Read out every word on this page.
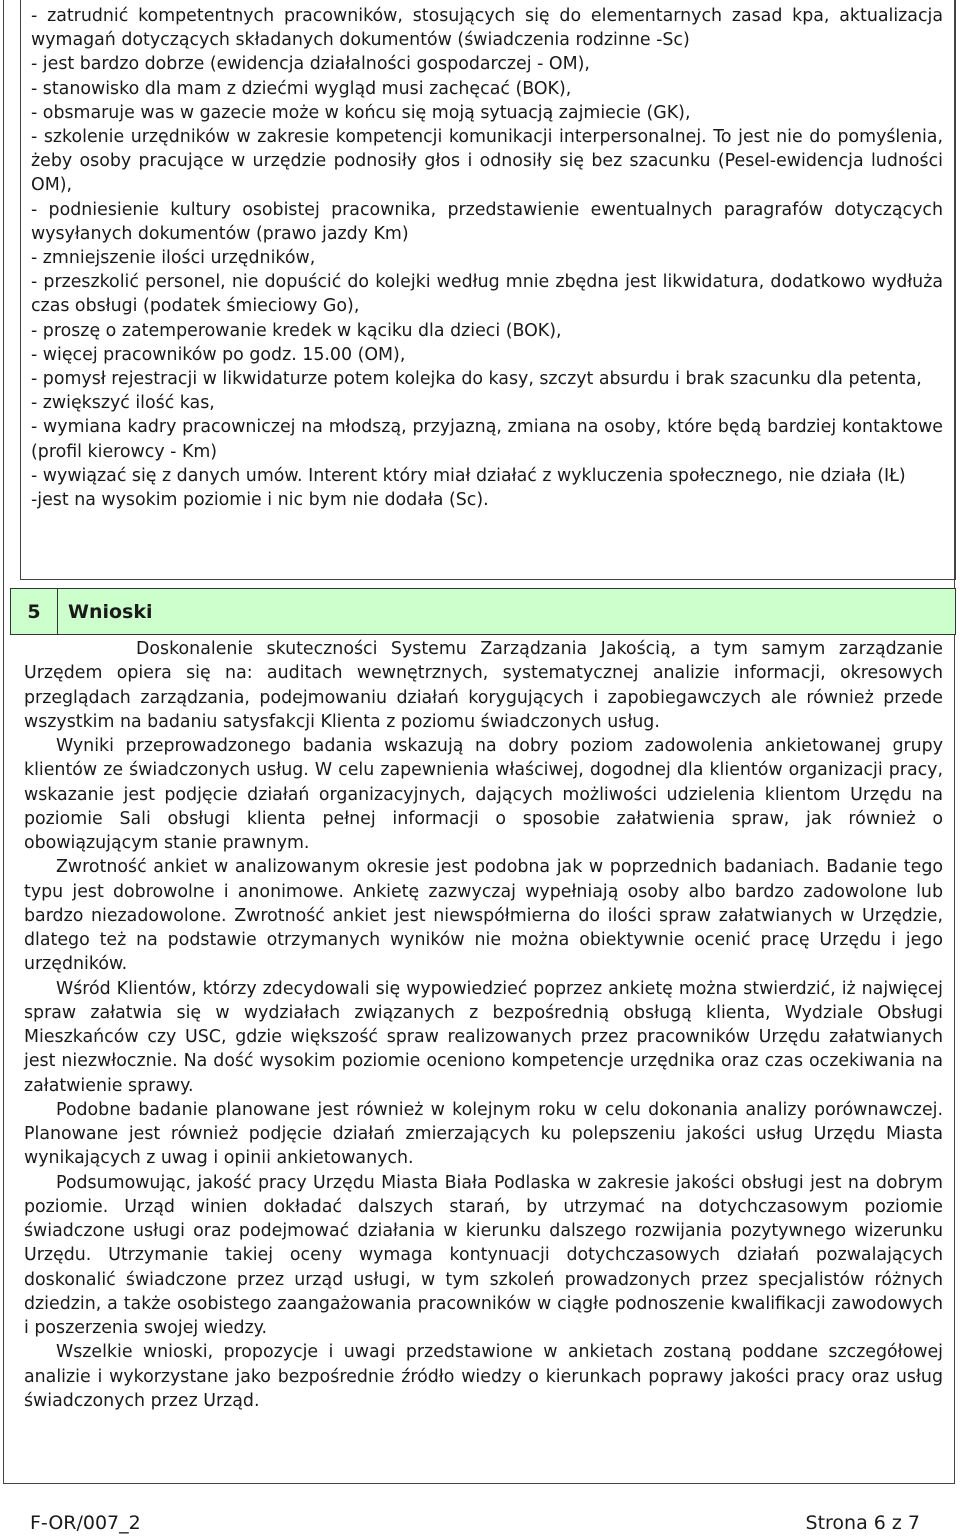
- zatrudnić kompetentnych pracowników, stosujących się do elementarnych zasad kpa, aktualizacja wymagań dotyczących składanych dokumentów (świadczenia rodzinne -Sc)

- jest bardzo dobrze (ewidencja działalności gospodarczej - OM),

- stanowisko dla mam z dziećmi wygląd musi zachęcać (BOK),

- obsmaruje was w gazecie może w końcu się moją sytuacją zajmiecie (GK),

- szkolenie urzędników w zakresie kompetencji komunikacji interpersonalnej. To jest nie do pomyślenia, żeby osoby pracujące w urzędzie podnosiły głos i odnosiły się bez szacunku (Pesel-ewidencja ludności OM),

- podniesienie kultury osobistej pracownika, przedstawienie ewentualnych paragrafów dotyczących wysyłanych dokumentów (prawo jazdy Km)

- zmniejszenie ilości urzędników,

- przeszkolić personel, nie dopuścić do kolejki według mnie zbędna jest likwidatura, dodatkowo wydłuża czas obsługi (podatek śmieciowy Go),

- proszę o zatemperowanie kredek w kąciku dla dzieci (BOK),

- więcej pracowników po godz. 15.00 (OM),

- pomysł rejestracji w likwidaturze potem kolejka do kasy, szczyt absurdu i brak szacunku dla petenta,

- zwiększyć ilość kas,

- wymiana kadry pracowniczej na młodszą, przyjazną, zmiana na osoby, które będą bardziej kontaktowe (profil kierowcy - Km)

- wywiązać się z danych umów. Interent który miał działać z wykluczenia społecznego, nie działa (IŁ)

-jest na wysokim poziomie i nic bym nie dodała (Sc).

5	Wnioski

Doskonalenie skuteczności Systemu Zarządzania Jakością, a tym samym zarządzanie Urzędem opiera się na: auditach wewnętrznych, systematycznej analizie informacji, okresowych przeglądach zarządzania, podejmowaniu działań korygujących i zapobiegawczych ale również przede wszystkim na badaniu satysfakcji Klienta z poziomu świadczonych usług.

Wyniki przeprowadzonego badania wskazują na dobry poziom zadowolenia ankietowanej grupy klientów ze świadczonych usług. W celu zapewnienia właściwej, dogodnej dla klientów organizacji pracy, wskazanie jest podjęcie działań organizacyjnych, dających możliwości udzielenia klientom Urzędu na poziomie Sali obsługi klienta pełnej informacji o sposobie załatwienia spraw, jak również o obowiązującym stanie prawnym.

Zwrotność ankiet w analizowanym okresie jest podobna jak w poprzednich badaniach. Badanie tego typu jest dobrowolne i anonimowe. Ankietę zazwyczaj wypełniają osoby albo bardzo zadowolone lub bardzo niezadowolone. Zwrotność ankiet jest niewspółmierna do ilości spraw załatwianych w Urzędzie, dlatego też na podstawie otrzymanych wyników nie można obiektywnie ocenić pracę Urzędu i jego urzędników.

Wśród Klientów, którzy zdecydowali się wypowiedzieć poprzez ankietę można stwierdzić, iż najwięcej spraw załatwia się w wydziałach związanych z bezpośrednią obsługą klienta, Wydziale Obsługi Mieszkańców czy USC, gdzie większość spraw realizowanych przez pracowników Urzędu załatwianych jest niezwłocznie. Na dość wysokim poziomie oceniono kompetencje urzędnika oraz czas oczekiwania na załatwienie sprawy.

Podobne badanie planowane jest również w kolejnym roku w celu dokonania analizy porównawczej. Planowane jest również podjęcie działań zmierzających ku polepszeniu jakości usług Urzędu Miasta wynikających z uwag i opinii ankietowanych.

Podsumowując, jakość pracy Urzędu Miasta Biała Podlaska w zakresie jakości obsługi jest na dobrym poziomie. Urząd winien dokładać dalszych starań, by utrzymać na dotychczasowym poziomie świadczone usługi oraz podejmować działania w kierunku dalszego rozwijania pozytywnego wizerunku Urzędu. Utrzymanie takiej oceny wymaga kontynuacji dotychczasowych działań pozwalających doskonalić świadczone przez urząd usługi, w tym szkoleń prowadzonych przez specjalistów różnych dziedzin, a także osobistego zaangażowania pracowników w ciągłe podnoszenie kwalifikacji zawodowych i poszerzenia swojej wiedzy.

Wszelkie wnioski, propozycje i uwagi przedstawione w ankietach zostaną poddane szczegółowej analizie i wykorzystane jako bezpośrednie źródło wiedzy o kierunkach poprawy jakości pracy oraz usług świadczonych przez Urząd.

F-OR/007_2	Strona 6 z 7
